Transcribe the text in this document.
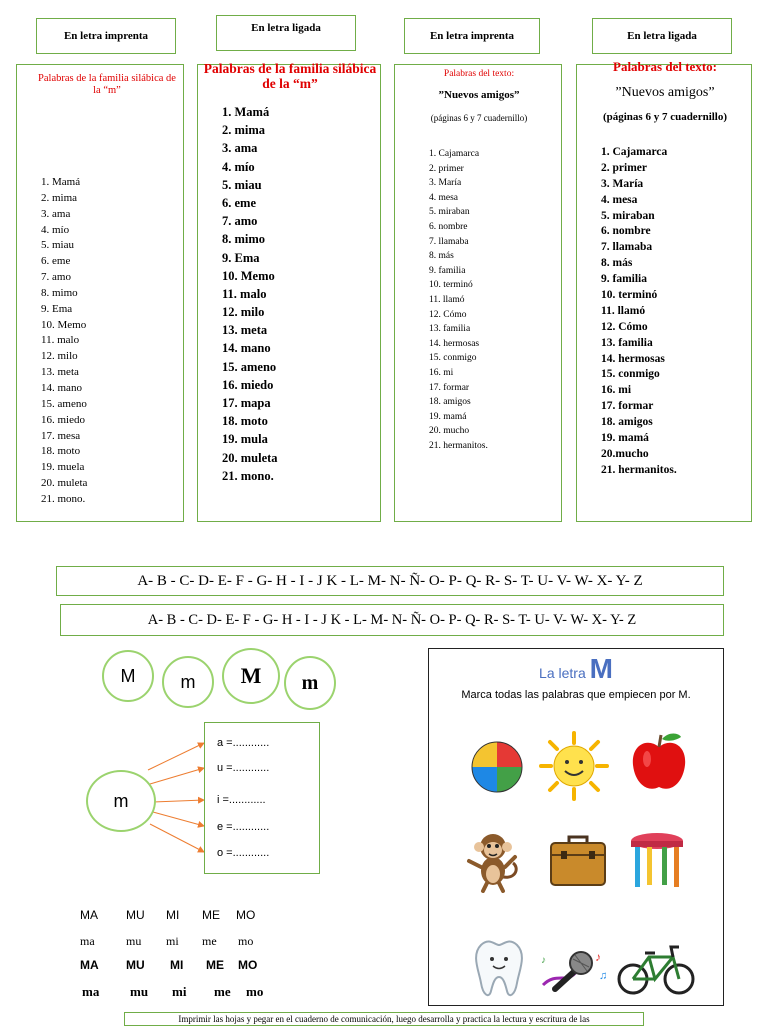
En letra imprenta
En letra ligada
En letra imprenta	En letra ligada
Palabras de la familia silábica de la “m”
1. Mamá
2. mima
3. ama
4. mío
5. miau
6. eme
7. amo
8. mimo
9. Ema
10. Memo
11. malo
12. milo
13. meta
14. mano
15. ameno
16. miedo
17. mesa
18. moto
19. muela
20. muleta
21. mono.
Palabras de la familia silábica de la “m”
1. Mamá
2. mima
3. ama
4. mío
5. miau
6. eme
7. amo
8. mimo
9. Ema
10. Memo
11. malo
12. milo
13. meta
14. mano
15. ameno
16. miedo
17. mapa
18. moto
19. mula
20. muleta
21. mono.
Palabras del texto:
”Nuevos amigos”
(páginas 6 y 7 cuadernillo)
1. Cajamarca
2. primer
3. María
4. mesa
5. miraban
6. nombre
7. llamaba
8. más
9. familia
10. terminó
11. llamó
12. Cómo
13. familia
14. hermosas
15. conmigo
16. mi
17. formar
18. amigos
19. mamá
20. mucho
21. hermanitos.
Palabras del texto:
”Nuevos amigos”
(páginas 6 y 7 cuadernillo)
1. Cajamarca
2. primer
3. María
4. mesa
5. miraban
6. nombre
7. llamaba
8. más
9. familia
10. terminó
11. llamó
12. Cómo
13. familia
14. hermosas
15. conmigo
16. mi
17. formar
18. amigos
19. mamá
20.mucho
21. hermanitos.
A- B - C- D- E- F - G- H - I - J K - L- M- N- Ñ- O- P- Q- R- S- T- U- V- W- X- Y- Z
A- B - C- D- E- F - G- H - I - J K - L- M- N- Ñ- O- P- Q- R- S- T- U- V- W- X- Y- Z
M	m	M	m
m
a =............
u =............
i =............
e =............
o =............
MA MU MI ME MO
ma	mu mi me mo
MA MU MI ME MO
ma mu mi me mo
La letra M
Marca todas las palabras que empiecen por M.
♪
♫
♪
Imprimir las hojas y pegar en el cuaderno de comunicación, luego desarrolla y practica la lectura y escritura de las
